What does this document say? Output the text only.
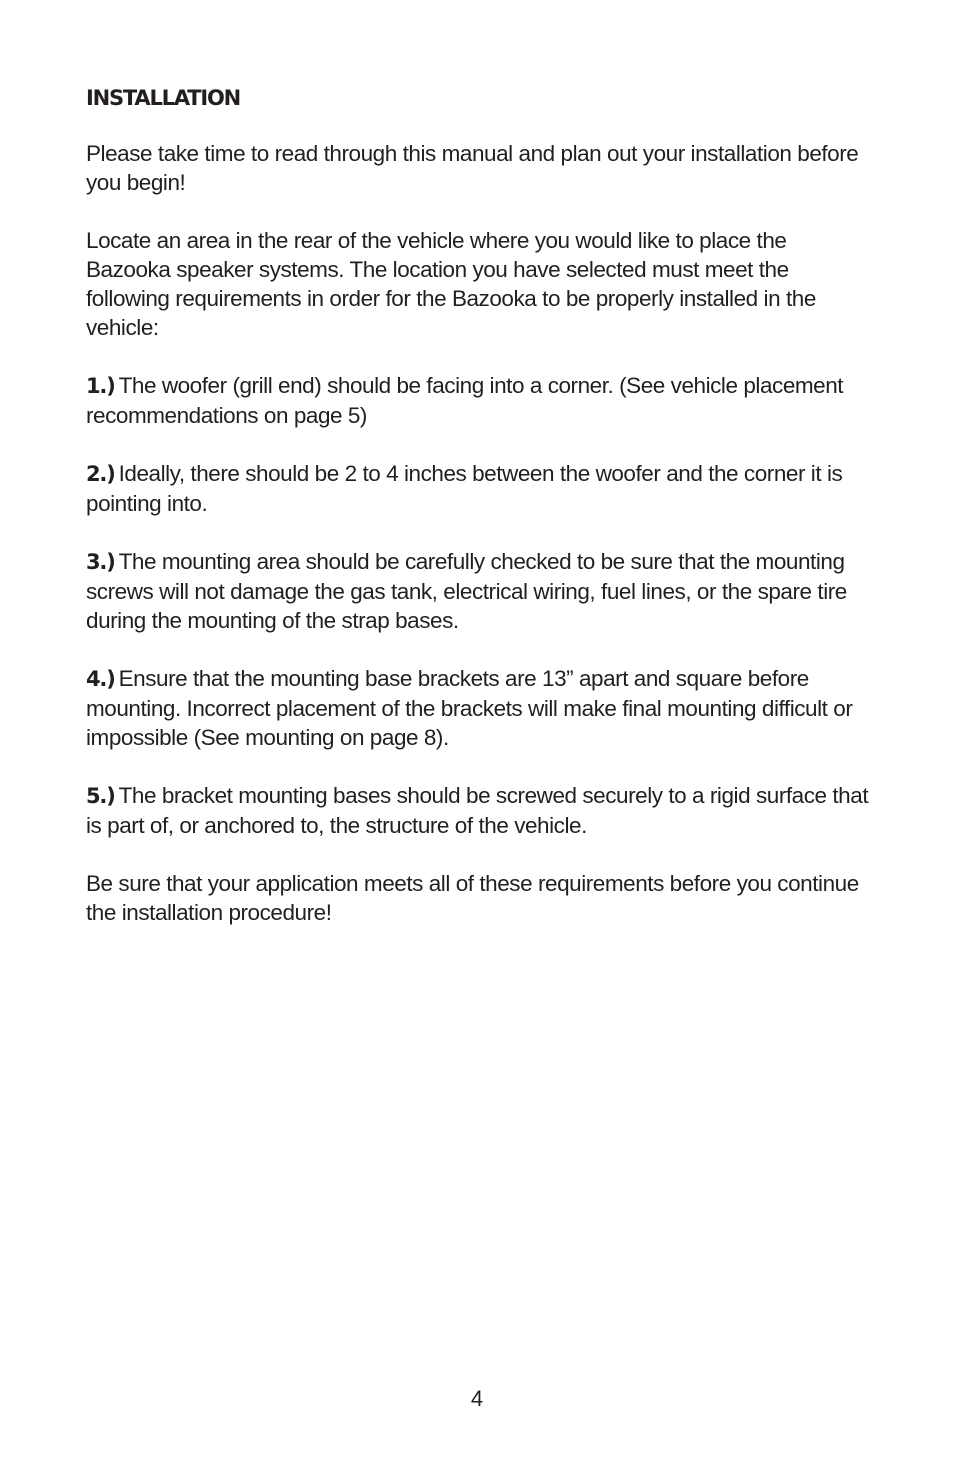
INSTALLATION

Please take time to read through this manual and plan out your installation before you begin!

Locate an area in the rear of the vehicle where you would like to place the Bazooka speaker systems. The location you have selected must meet the following requirements in order for the Bazooka to be properly installed in the vehicle:

1.) The woofer (grill end) should be facing into a corner. (See vehicle placement recommendations on page 5)

2.) Ideally, there should be 2 to 4 inches between the woofer and the corner it is pointing into.

3.) The mounting area should be carefully checked to be sure that the mounting screws will not damage the gas tank, electrical wiring, fuel lines, or the spare tire during the mounting of the strap bases.

4.) Ensure that the mounting base brackets are 13” apart and square before mounting. Incorrect placement of the brackets will make final mounting difficult or impossible (See mounting on page 8).

5.) The bracket mounting bases should be screwed securely to a rigid surface that is part of, or anchored to, the structure of the vehicle.

Be sure that your application meets all of these requirements before you continue the installation procedure!

4
